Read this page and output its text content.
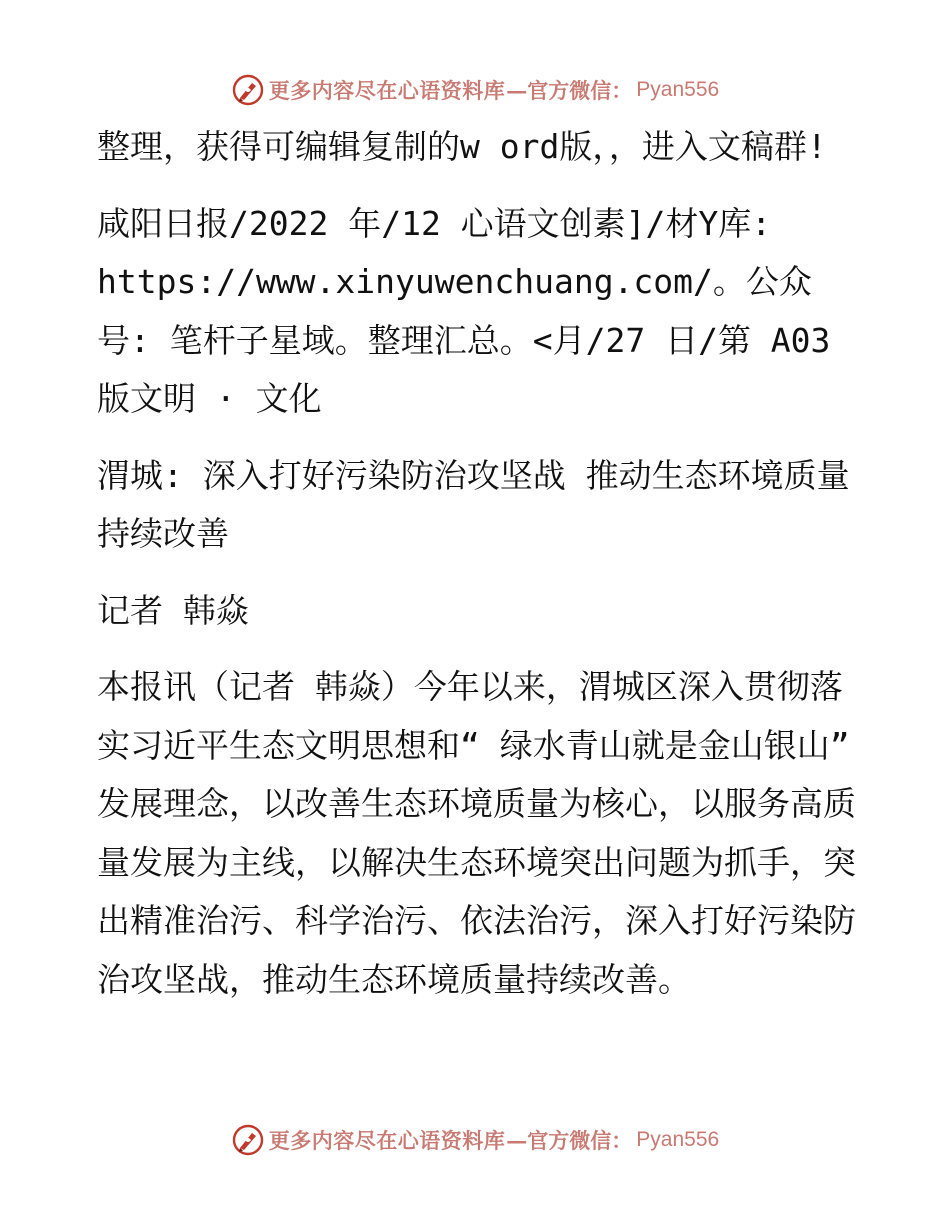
更多内容尽在心语资料库 — 官方微信： Pyan556

整理，获得可编辑复制的w ord版，，进入文稿群!

咸阳日报/2022 年/12 心语文创素]/材Y库: https://www.xinyuwenchuang.com/。公众号: 笔杆子星域。整理汇总。<月/27 日/第 A03 版文明 · 文化

渭城: 深入打好污染防治攻坚战 推动生态环境质量持续改善

记者 韩焱

本报讯（记者 韩焱）今年以来，渭城区深入贯彻落实习近平生态文明思想和“ 绿水青山就是金山银山” 发展理念，以改善生态环境质量为核心，以服务高质量发展为主线，以解决生态环境突出问题为抓手，突出精准治污、科学治污、依法治污，深入打好污染防治攻坚战，推动生态环境质量持续改善。

更多内容尽在心语资料库 — 官方微信： Pyan556
